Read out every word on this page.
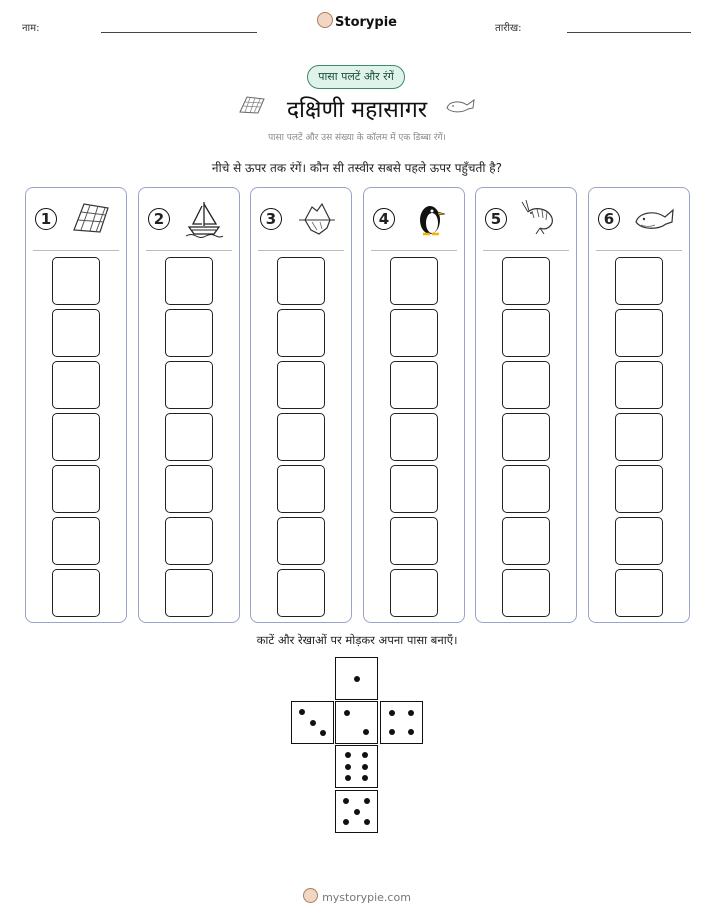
नाम:	Storypie	तारीख:
पासा पलटें और रंगें
दक्षिणी महासागर
पासा पलटें और उस संख्या के कॉलम में एक डिब्बा रंगें।
नीचे से ऊपर तक रंगें। कौन सी तस्वीर सबसे पहले ऊपर पहुँचती है?
1	2	3	4	5	6
काटें और रेखाओं पर मोड़कर अपना पासा बनाएँ।
mystorypie.com
